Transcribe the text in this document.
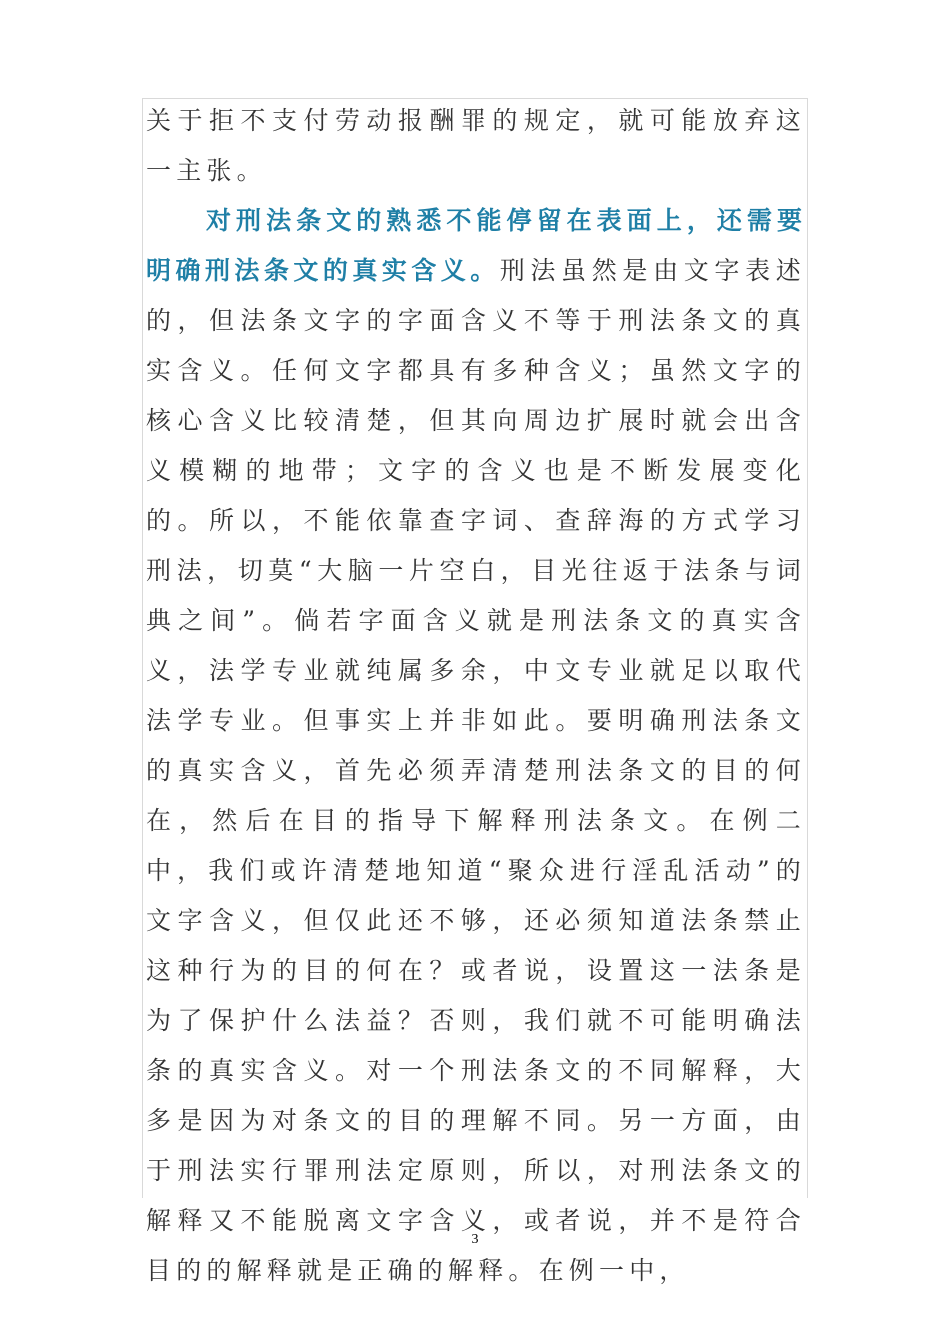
关于拒不支付劳动报酬罪的规定，就可能放弃这一主张。

对刑法条文的熟悉不能停留在表面上，还需要明确刑法条文的真实含义。刑法虽然是由文字表述的，但法条文字的字面含义不等于刑法条文的真实含义。任何文字都具有多种含义；虽然文字的核心含义比较清楚，但其向周边扩展时就会出含义模糊的地带；文字的含义也是不断发展变化的。所以，不能依靠查字词、查辞海的方式学习刑法，切莫“大脑一片空白，目光往返于法条与词典之间”。倘若字面含义就是刑法条文的真实含义，法学专业就纯属多余，中文专业就足以取代法学专业。但事实上并非如此。要明确刑法条文的真实含义，首先必须弄清楚刑法条文的目的何在，然后在目的指导下解释刑法条文。在例二中，我们或许清楚地知道“聚众进行淫乱活动”的文字含义，但仅此还不够，还必须知道法条禁止这种行为的目的何在？或者说，设置这一法条是为了保护什么法益？否则，我们就不可能明确法条的真实含义。对一个刑法条文的不同解释，大多是因为对条文的目的理解不同。另一方面，由于刑法实行罪刑法定原则，所以，对刑法条文的解释又不能脱离文字含义，或者说，并不是符合目的的解释就是正确的解释。在例一中，

3
